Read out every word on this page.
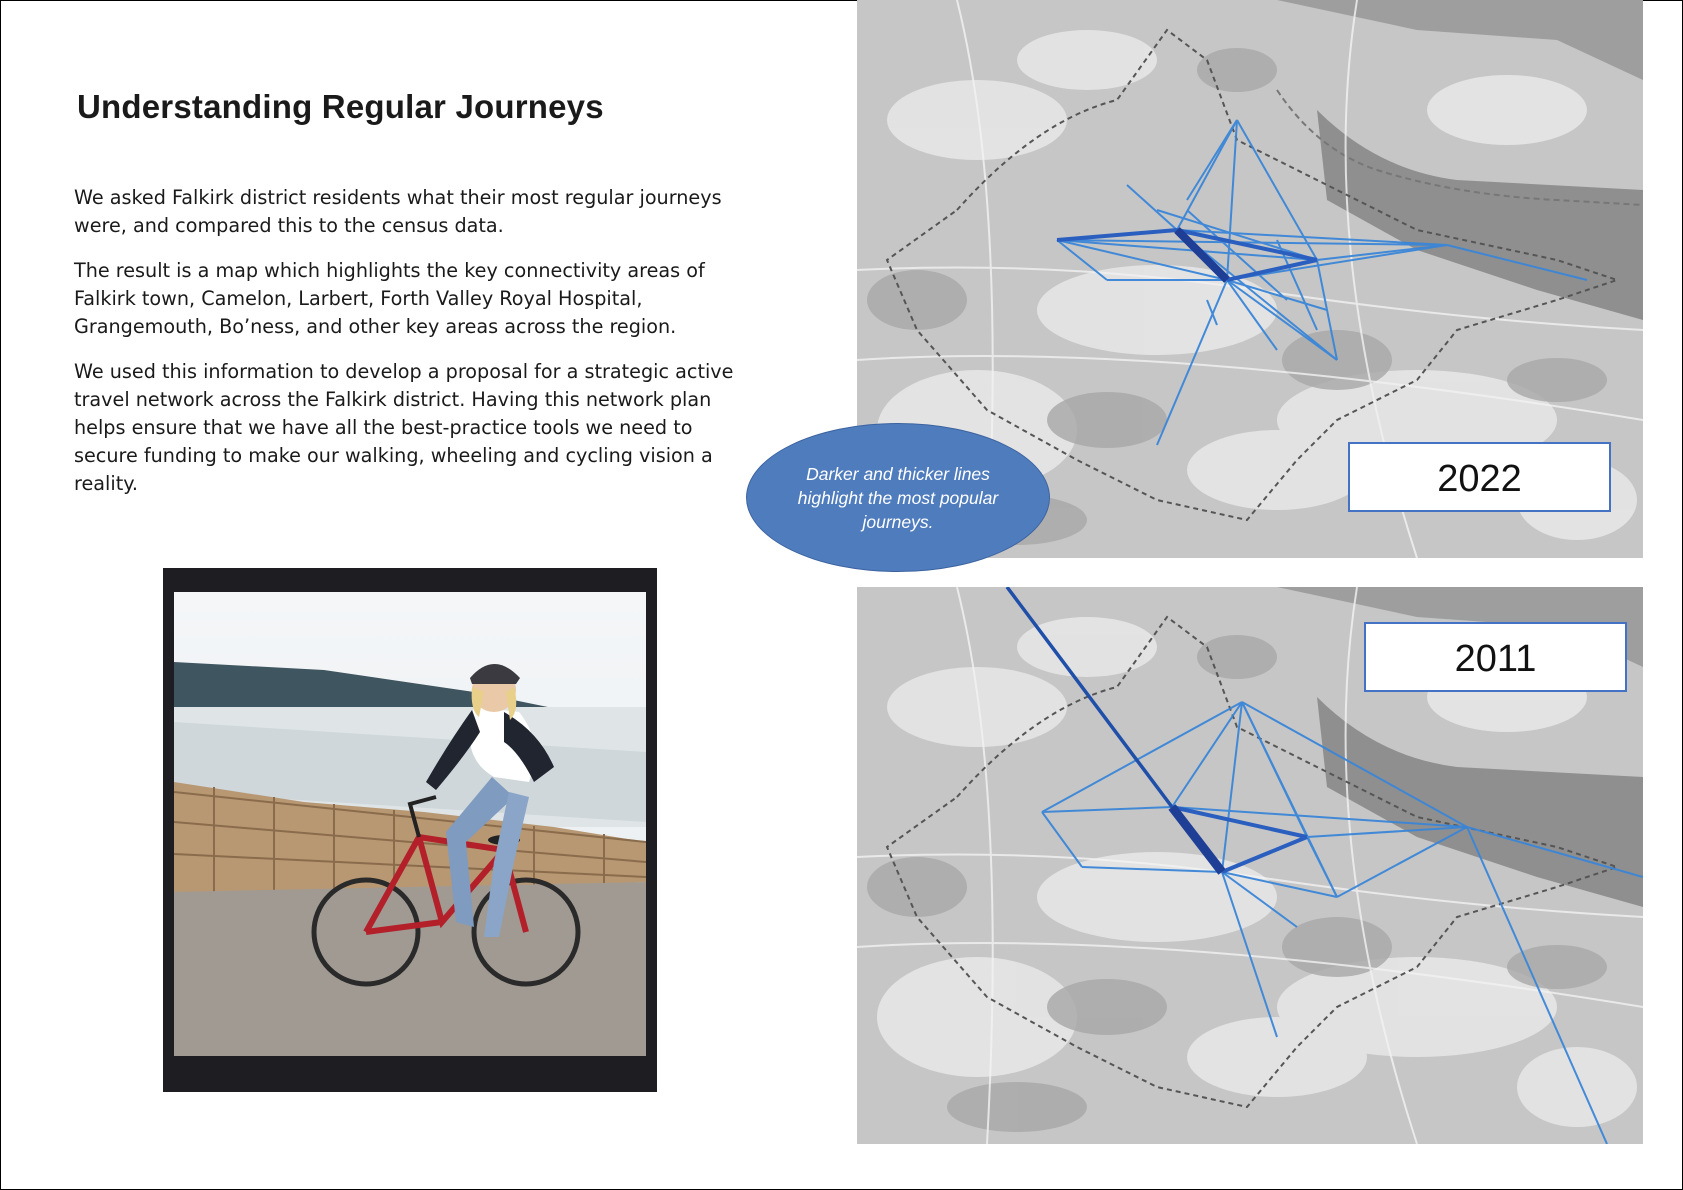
Understanding Regular Journeys

We asked Falkirk district residents what their most regular journeys were, and compared this to the census data.

The result is a map which highlights the key connectivity areas of Falkirk town, Camelon, Larbert, Forth Valley Royal Hospital, Grangemouth, Bo’ness, and other key areas across the region.

We used this information to develop a proposal for a strategic active travel network across the Falkirk district. Having this network plan helps ensure that we have all the best-practice tools we need to secure funding to make our walking, wheeling and cycling vision a reality.	2022
2011
Darker and thicker lines highlight the most popular journeys.
